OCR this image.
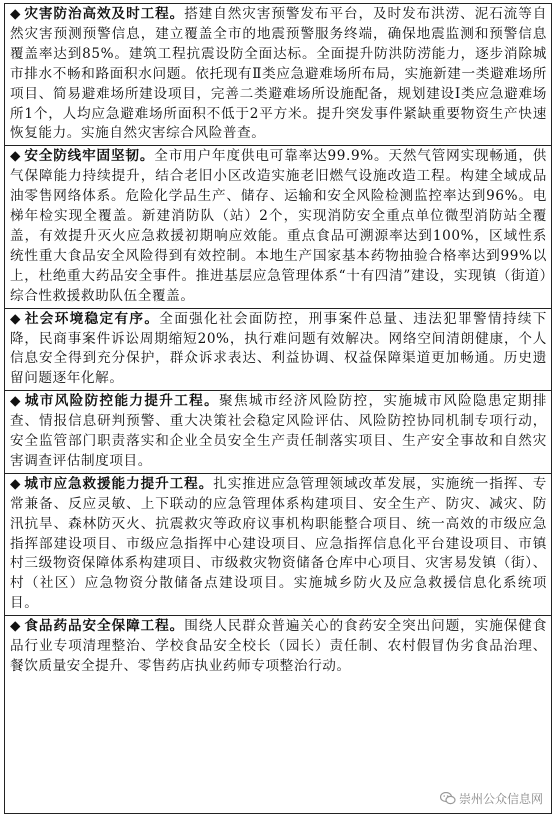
◆ 灾害防治高效及时工程。搭建自然灾害预警发布平台，及时发布洪涝、泥石流等自然灾害预测预警信息，建立覆盖全市的地震预警服务终端，确保地震监测和预警信息覆盖率达到85%。建筑工程抗震设防全面达标。全面提升防洪防涝能力，逐步消除城市排水不畅和路面积水问题。依托现有Ⅱ类应急避难场所布局，实施新建一类避难场所项目、简易避难场所建设项目，完善二类避难场所设施配备，规划建设Ⅰ类应急避难场所1个，人均应急避难场所面积不低于2平方米。提升突发事件紧缺重要物资生产快速恢复能力。实施自然灾害综合风险普查。

◆ 安全防线牢固坚韧。全市用户年度供电可靠率达99.9%。天然气管网实现畅通，供气保障能力持续提升，结合老旧小区改造实施老旧燃气设施改造工程。构建全域成品油零售网络体系。危险化学品生产、储存、运输和安全风险检测监控率达到96%。电梯年检实现全覆盖。新建消防队（站）2个，实现消防安全重点单位微型消防站全覆盖，有效提升灭火应急救援初期响应效能。重点食品可溯源率达到100%，区域性系统性重大食品安全风险得到有效控制。本地生产国家基本药物抽验合格率达到99%以上，杜绝重大药品安全事件。推进基层应急管理体系“十有四清”建设，实现镇（街道）综合性救援救助队伍全覆盖。

◆ 社会环境稳定有序。全面强化社会面防控，刑事案件总量、违法犯罪警情持续下降，民商事案件诉讼周期缩短20%，执行难问题有效解决。网络空间清朗健康，个人信息安全得到充分保护，群众诉求表达、利益协调、权益保障渠道更加畅通。历史遗留问题逐年化解。

◆ 城市风险防控能力提升工程。聚焦城市经济风险防控，实施城市风险隐患定期排查、情报信息研判预警、重大决策社会稳定风险评估、风险防控协同机制专项行动，安全监管部门职责落实和企业全员安全生产责任制落实项目、生产安全事故和自然灾害调查评估制度项目。

◆ 城市应急救援能力提升工程。扎实推进应急管理领域改革发展，实施统一指挥、专常兼备、反应灵敏、上下联动的应急管理体系构建项目、安全生产、防灾、减灾、防汛抗旱、森林防灭火、抗震救灾等政府议事机构职能整合项目、统一高效的市级应急指挥部建设项目、市级应急指挥中心建设项目、应急指挥信息化平台建设项目、市镇村三级物资保障体系构建项目、市级救灾物资储备仓库中心项目、灾害易发镇（街）、村（社区）应急物资分散储备点建设项目。实施城乡防火及应急救援信息化系统项目。

◆ 食品药品安全保障工程。围绕人民群众普遍关心的食药安全突出问题，实施保健食品行业专项清理整治、学校食品安全校长（园长）责任制、农村假冒伪劣食品治理、餐饮质量安全提升、零售药店执业药师专项整治行动。

崇州公众信息网
